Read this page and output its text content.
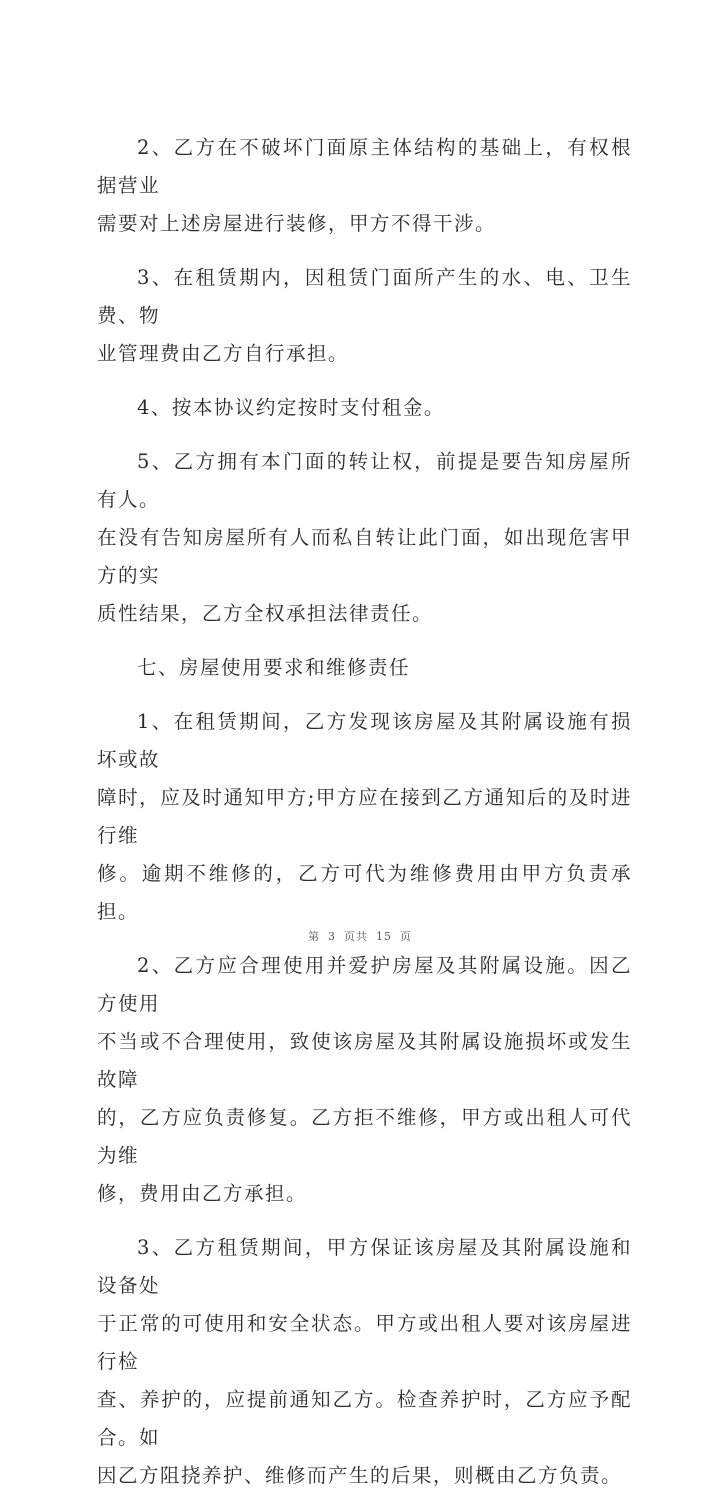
2、乙方在不破坏门面原主体结构的基础上，有权根据营业
需要对上述房屋进行装修，甲方不得干涉。

3、在租赁期内，因租赁门面所产生的水、电、卫生费、物
业管理费由乙方自行承担。

4、按本协议约定按时支付租金。

5、乙方拥有本门面的转让权，前提是要告知房屋所有人。
在没有告知房屋所有人而私自转让此门面，如出现危害甲方的实
质性结果，乙方全权承担法律责任。

七、房屋使用要求和维修责任

1、在租赁期间，乙方发现该房屋及其附属设施有损坏或故
障时，应及时通知甲方;甲方应在接到乙方通知后的及时进行维
修。逾期不维修的，乙方可代为维修费用由甲方负责承担。

2、乙方应合理使用并爱护房屋及其附属设施。因乙方使用
不当或不合理使用，致使该房屋及其附属设施损坏或发生故障
的，乙方应负责修复。乙方拒不维修，甲方或出租人可代为维
修，费用由乙方承担。

3、乙方租赁期间，甲方保证该房屋及其附属设施和设备处
于正常的可使用和安全状态。甲方或出租人要对该房屋进行检
查、养护的，应提前通知乙方。检查养护时，乙方应予配合。如
因乙方阻挠养护、维修而产生的后果，则概由乙方负责。

第 3 页共 15 页
